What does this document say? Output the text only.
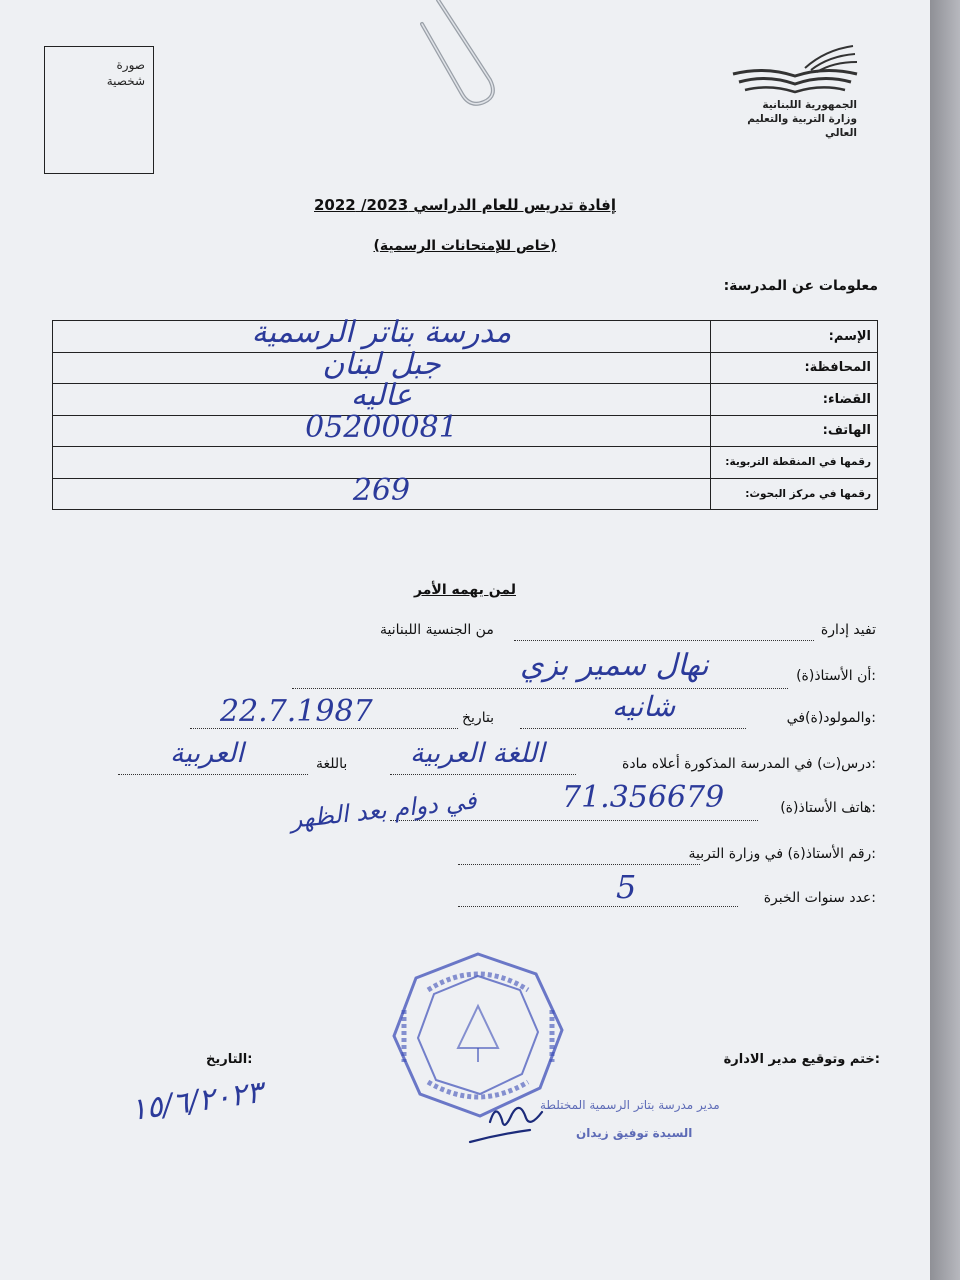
صورة
شخصية
الجمهورية اللبنانية
وزارة التربية والتعليم العالي
إفادة تدريس للعام الدراسي 2023/ 2022
(خاص للإمتحانات الرسمية)
معلومات عن المدرسة:
مدرسة بتاتر الرسمية	الإسم:

جبل لبنان	المحافظة:

عاليه	القضاء:

05200081	الهاتف:

	رقمها في المنقطة التربوية:

269	رقمها في مركز البحوث:
لمن يهمه الأمر
تفيد إدارة
من الجنسية اللبنانية
أن الأستاذ(ة):
نهال سمير بزي
والمولود(ة)في:
شانيه
بتاريخ
22.7.1987
درس(ت) في المدرسة المذكورة أعلاه مادة:
اللغة العربية
باللغة
العربية
هاتف الأستاذ(ة):
71.356679
في دوام بعد الظهر
رقم الأستاذ(ة) في وزارة التربية:
عدد سنوات الخبرة:
5
ختم وتوقيع مدير الادارة:
التاريخ:
١٥/٦/٢٠٢٣	مدير مدرسة بتاتر الرسمية المختلطة
السيدة توفيق زيدان
